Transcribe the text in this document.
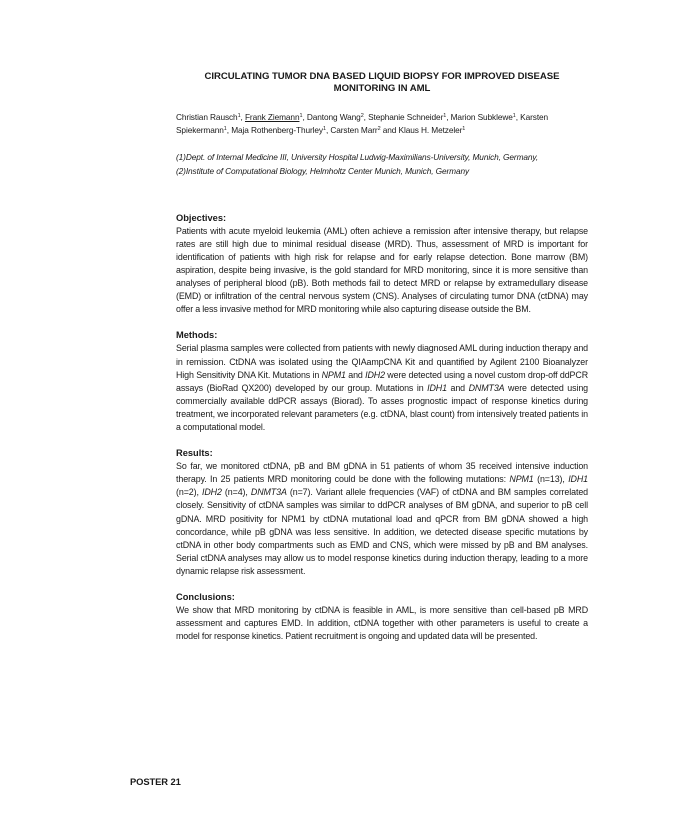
CIRCULATING TUMOR DNA BASED LIQUID BIOPSY FOR IMPROVED DISEASE MONITORING IN AML

Christian Rausch$^1$, Frank Ziemann$^1$, Dantong Wang$^2$, Stephanie Schneider$^1$, Marion Subklewe$^1$, Karsten Spiekermann$^1$, Maja Rothenberg-Thurley$^1$, Carsten Marr$^2$ and Klaus H. Metzeler$^1$

(1)Dept. of Internal Medicine III, University Hospital Ludwig-Maximilians-University, Munich, Germany,
(2)Institute of Computational Biology, Helmholtz Center Munich, Munich, Germany

Objectives:

Patients with acute myeloid leukemia (AML) often achieve a remission after intensive therapy, but relapse rates are still high due to minimal residual disease (MRD). Thus, assessment of MRD is important for identification of patients with high risk for relapse and for early relapse detection. Bone marrow (BM) aspiration, despite being invasive, is the gold standard for MRD monitoring, since it is more sensitive than analyses of peripheral blood (pB). Both methods fail to detect MRD or relapse by extramedullary disease (EMD) or infiltration of the central nervous system (CNS). Analyses of circulating tumor DNA (ctDNA) may offer a less invasive method for MRD monitoring while also capturing disease outside the BM.

Methods:

Serial plasma samples were collected from patients with newly diagnosed AML during induction therapy and in remission. CtDNA was isolated using the QIAampCNA Kit and quantified by Agilent 2100 Bioanalyzer High Sensitivity DNA Kit. Mutations in NPM1 and IDH2 were detected using a novel custom drop-off ddPCR assays (BioRad QX200) developed by our group. Mutations in IDH1 and DNMT3A were detected using commercially available ddPCR assays (Biorad). To asses prognostic impact of response kinetics during treatment, we incorporated relevant parameters (e.g. ctDNA, blast count) from intensively treated patients in a computational model.

Results:

So far, we monitored ctDNA, pB and BM gDNA in 51 patients of whom 35 received intensive induction therapy. In 25 patients MRD monitoring could be done with the following mutations: NPM1 (n=13), IDH1 (n=2), IDH2 (n=4), DNMT3A (n=7). Variant allele frequencies (VAF) of ctDNA and BM samples correlated closely. Sensitivity of ctDNA samples was similar to ddPCR analyses of BM gDNA, and superior to pB cell gDNA. MRD positivity for NPM1 by ctDNA mutational load and qPCR from BM gDNA showed a high concordance, while pB gDNA was less sensitive. In addition, we detected disease specific mutations by ctDNA in other body compartments such as EMD and CNS, which were missed by pB and BM analyses. Serial ctDNA analyses may allow us to model response kinetics during induction therapy, leading to a more dynamic relapse risk assessment.

Conclusions:

We show that MRD monitoring by ctDNA is feasible in AML, is more sensitive than cell-based pB MRD assessment and captures EMD. In addition, ctDNA together with other parameters is useful to create a model for response kinetics. Patient recruitment is ongoing and updated data will be presented.

POSTER 21
